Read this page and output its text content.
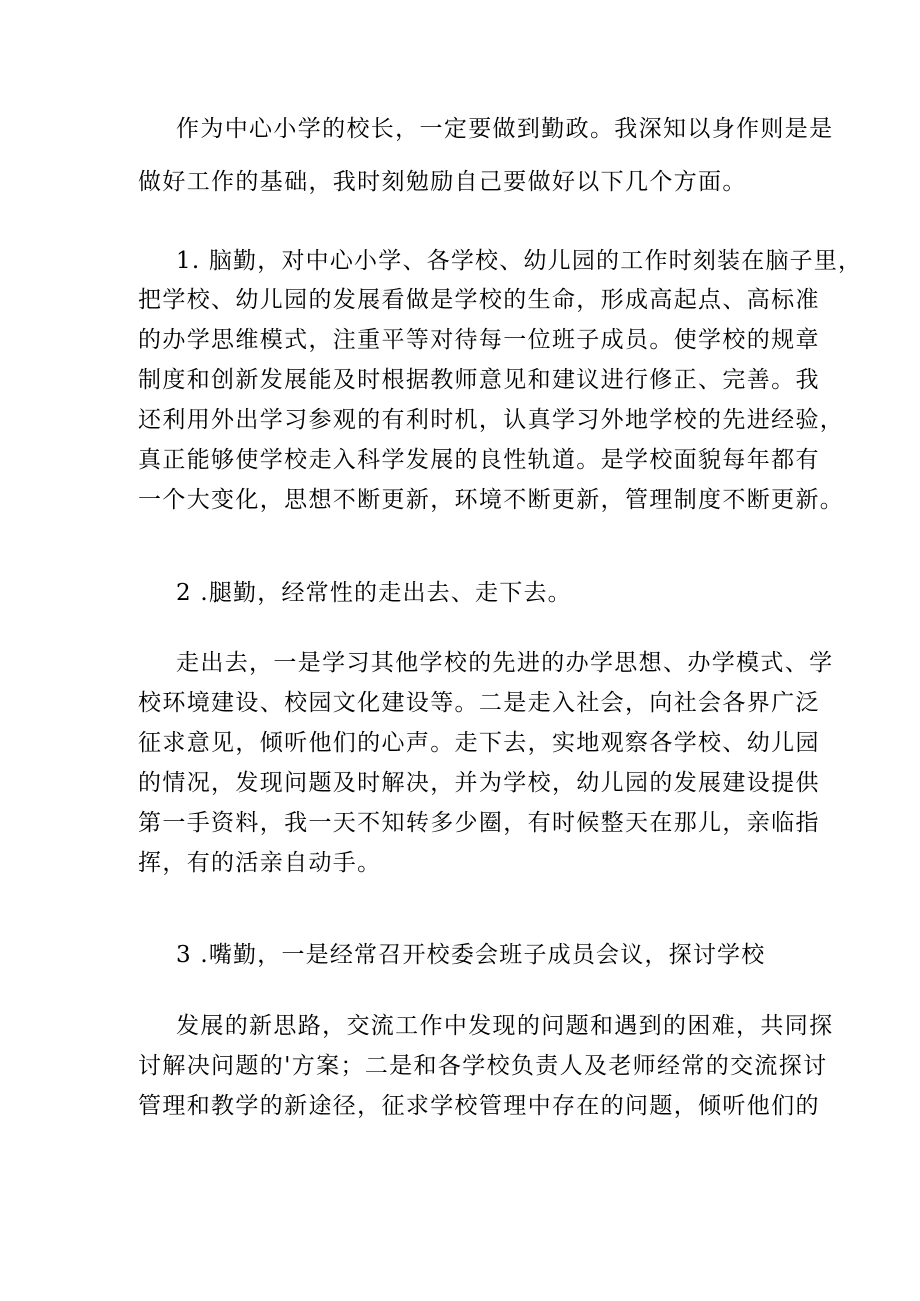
作为中心小学的校长，一定要做到勤政。我深知以身作则是是
做好工作的基础，我时刻勉励自己要做好以下几个方面。
1. 脑勤，对中心小学、各学校、幼儿园的工作时刻装在脑子里，
把学校、幼儿园的发展看做是学校的生命，形成高起点、高标准
的办学思维模式，注重平等对待每一位班子成员。使学校的规章
制度和创新发展能及时根据教师意见和建议进行修正、完善。我
还利用外出学习参观的有利时机，认真学习外地学校的先进经验，
真正能够使学校走入科学发展的良性轨道。是学校面貌每年都有
一个大变化，思想不断更新，环境不断更新，管理制度不断更新。
2 .腿勤，经常性的走出去、走下去。
走出去，一是学习其他学校的先进的办学思想、办学模式、学
校环境建设、校园文化建设等。二是走入社会，向社会各界广泛
征求意见，倾听他们的心声。走下去，实地观察各学校、幼儿园
的情况，发现问题及时解决，并为学校，幼儿园的发展建设提供
第一手资料，我一天不知转多少圈，有时候整天在那儿，亲临指
挥，有的活亲自动手。
3 .嘴勤，一是经常召开校委会班子成员会议，探讨学校
发展的新思路，交流工作中发现的问题和遇到的困难，共同探
讨解决问题的'方案；二是和各学校负责人及老师经常的交流探讨
管理和教学的新途径，征求学校管理中存在的问题，倾听他们的
